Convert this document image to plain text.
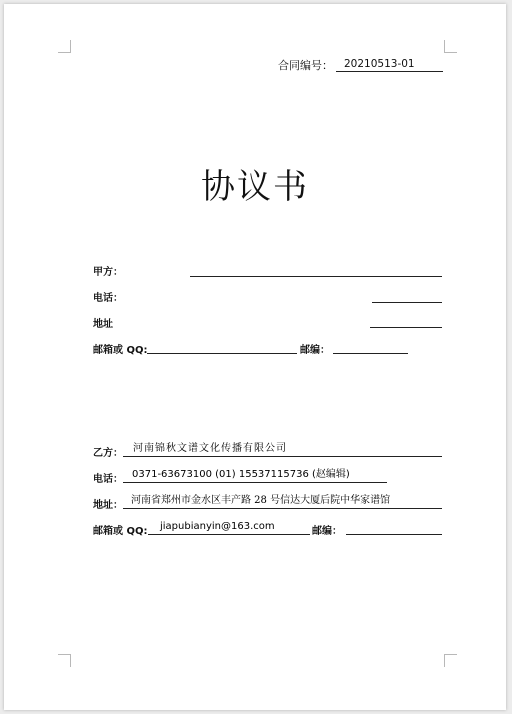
合同编号：	20210513-01
协议书
甲方：
电话：
地址
邮箱或 QQ:	邮编：
乙方：	河南锦秋文谱文化传播有限公司
电话： 0371-63673100 (01) 15537115736 (赵编辑)
地址： 河南省郑州市金水区丰产路 28 号信达大厦后院中华家谱馆
邮箱或 QQ:	jiapubianyin@163.com	邮编：
